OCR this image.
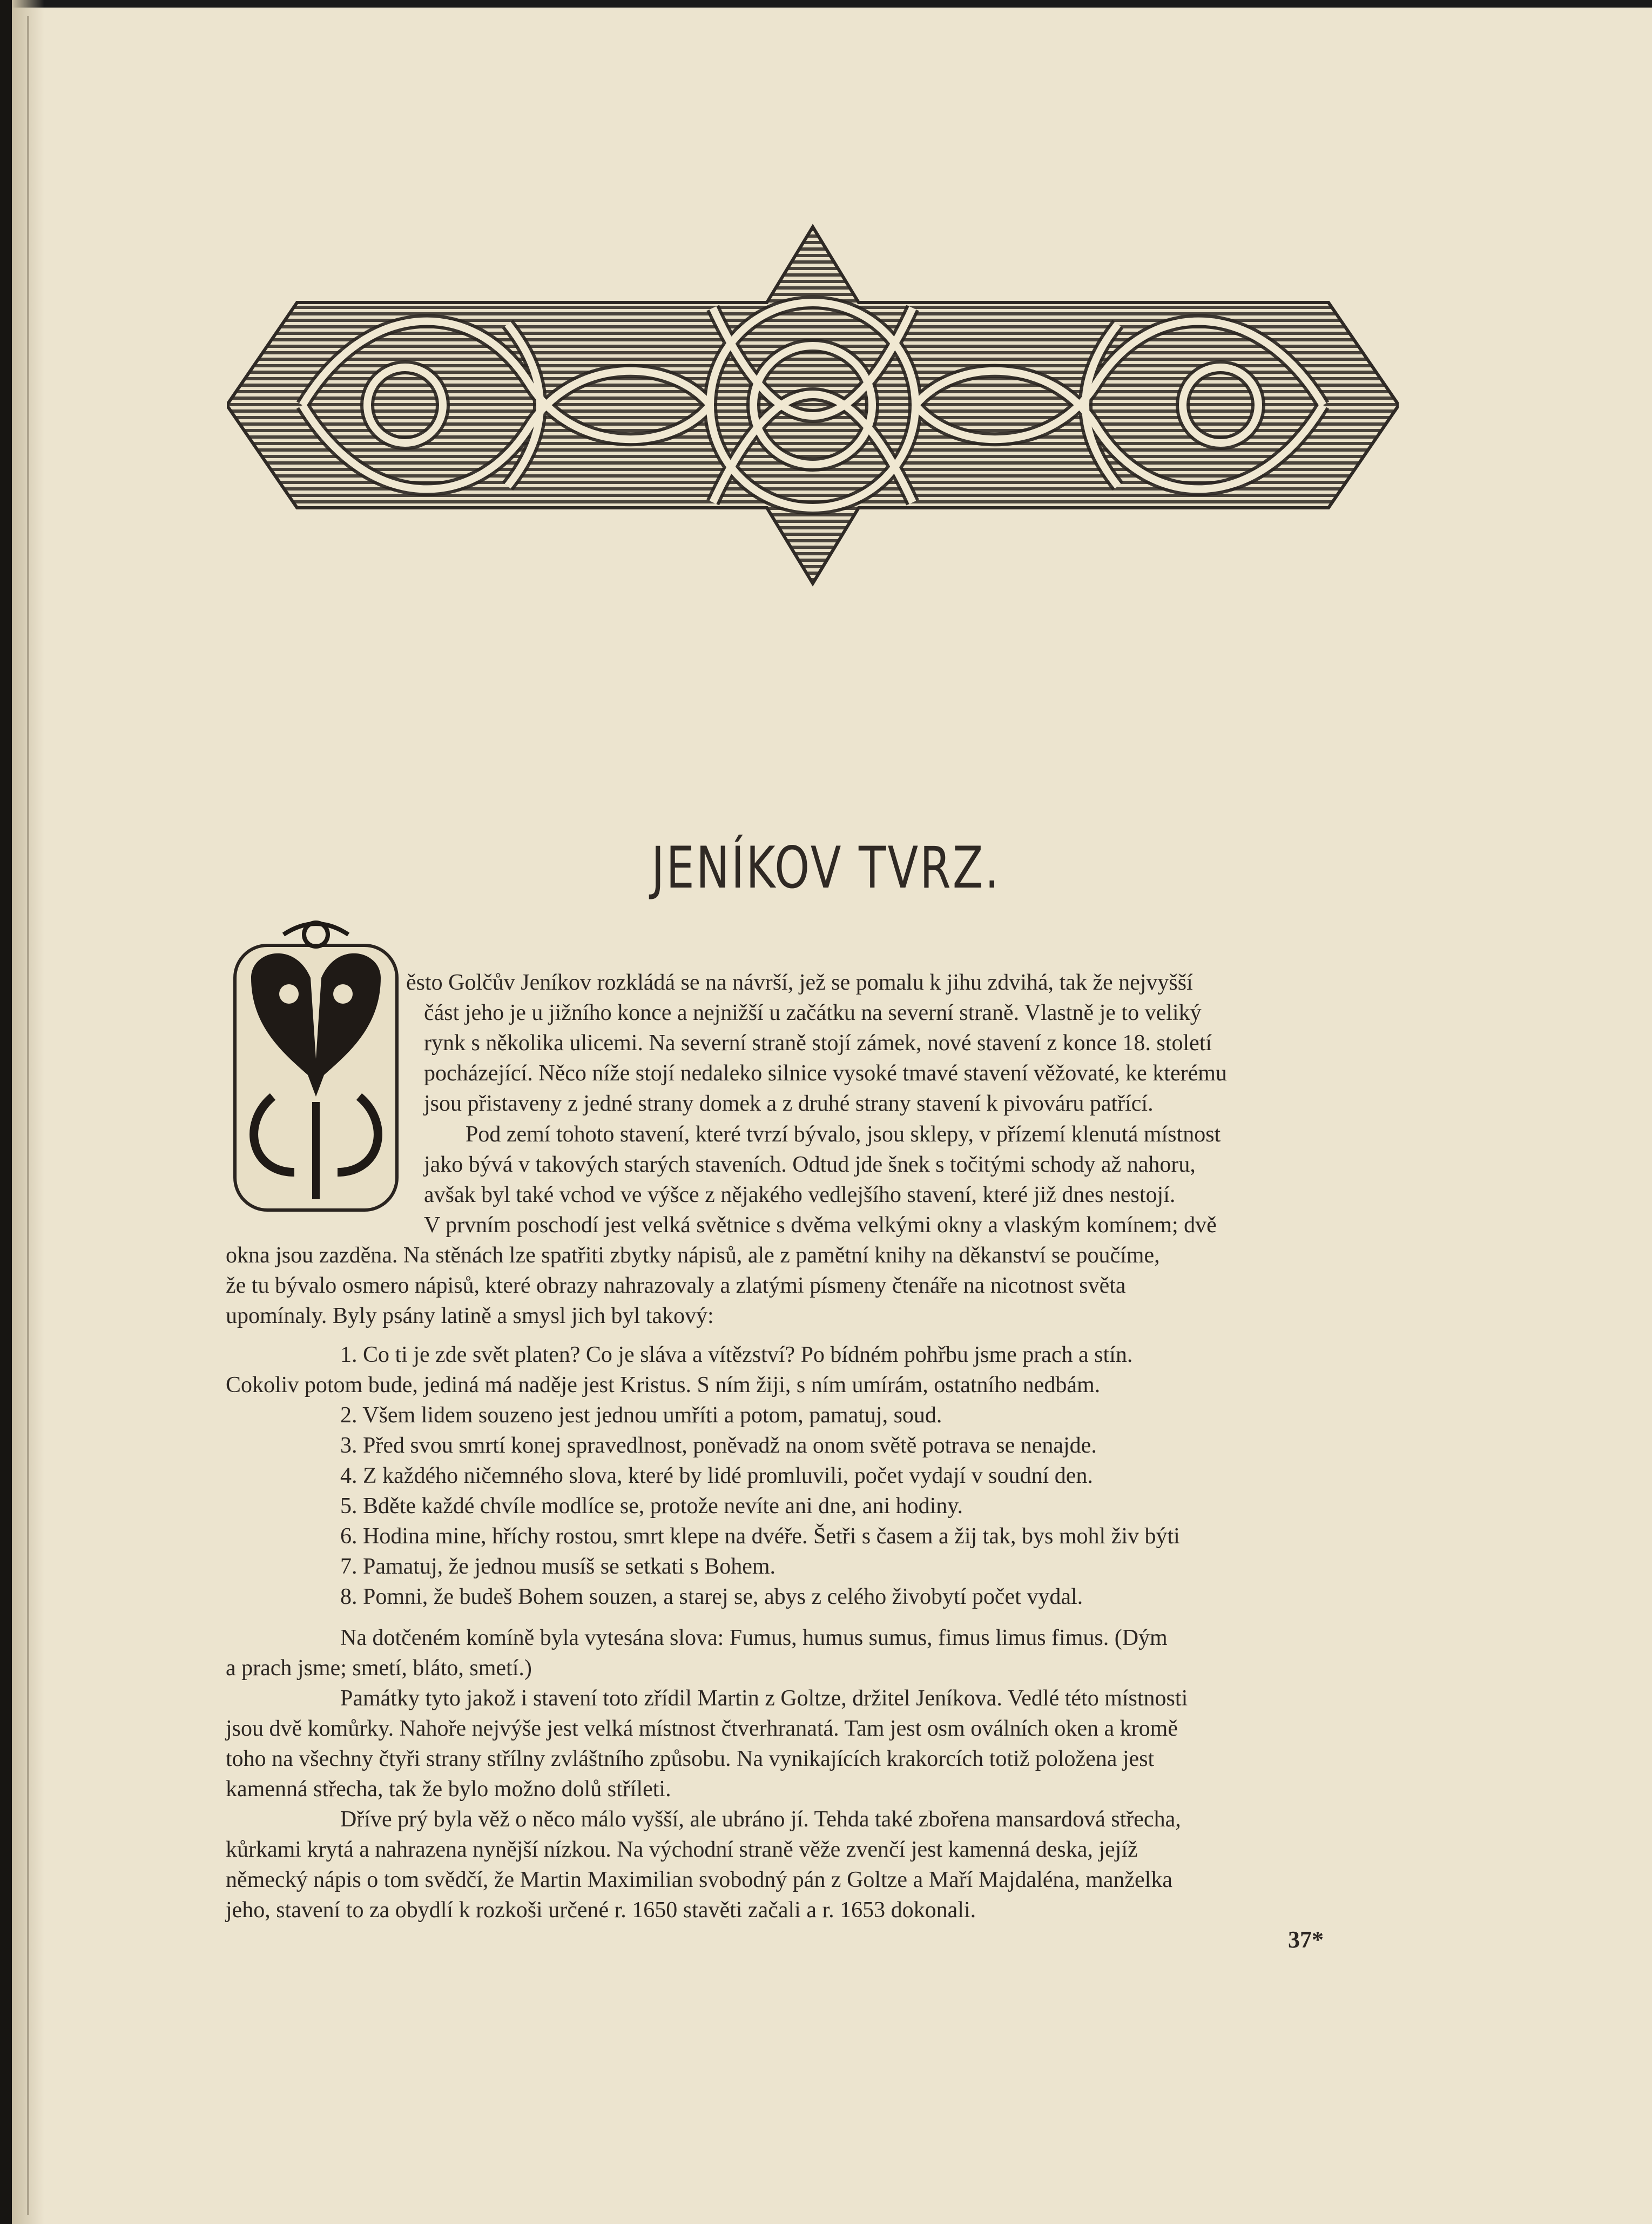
JENÍKOV TVRZ.
ěsto Golčův Jeníkov rozkládá se na návrší, jež se pomalu k jihu zdvihá, tak že nejvyšší
část jeho je u jižního konce a nejnižší u začátku na severní straně. Vlastně je to veliký
rynk s několika ulicemi. Na severní straně stojí zámek, nové stavení z konce 18. století
pocházející. Něco níže stojí nedaleko silnice vysoké tmavé stavení věžovaté, ke kterému
jsou přistaveny z jedné strany domek a z druhé strany stavení k pivováru patřící.
Pod zemí tohoto stavení, které tvrzí bývalo, jsou sklepy, v přízemí klenutá místnost
jako bývá v takových starých staveních. Odtud jde šnek s točitými schody až nahoru,
avšak byl také vchod ve výšce z nějakého vedlejšího stavení, které již dnes nestojí.
V prvním poschodí jest velká světnice s dvěma velkými okny a vlaským komínem; dvě
okna jsou zazděna. Na stěnách lze spatřiti zbytky nápisů, ale z pamětní knihy na děkanství se poučíme,
že tu bývalo osmero nápisů, které obrazy nahrazovaly a zlatými písmeny čtenáře na nicotnost světa
upomínaly. Byly psány latině a smysl jich byl takový:
1. Co ti je zde svět platen? Co je sláva a vítězství? Po bídném pohřbu jsme prach a stín.
Cokoliv potom bude, jediná má naděje jest Kristus. S ním žiji, s ním umírám, ostatního nedbám.
2. Všem lidem souzeno jest jednou umříti a potom, pamatuj, soud.
3. Před svou smrtí konej spravedlnost, poněvadž na onom světě potrava se nenajde.
4. Z každého ničemného slova, které by lidé promluvili, počet vydají v soudní den.
5. Bděte každé chvíle modlíce se, protože nevíte ani dne, ani hodiny.
6. Hodina mine, hříchy rostou, smrt klepe na dvéře. Šetři s časem a žij tak, bys mohl živ býti
7. Pamatuj, že jednou musíš se setkati s Bohem.
8. Pomni, že budeš Bohem souzen, a starej se, abys z celého živobytí počet vydal.
Na dotčeném komíně byla vytesána slova: Fumus, humus sumus, fimus limus fimus. (Dým
a prach jsme; smetí, bláto, smetí.)
Památky tyto jakož i stavení toto zřídil Martin z Goltze, držitel Jeníkova. Vedlé této místnosti
jsou dvě komůrky. Nahoře nejvýše jest velká místnost čtverhranatá. Tam jest osm oválních oken a kromě
toho na všechny čtyři strany střílny zvláštního způsobu. Na vynikajících krakorcích totiž položena jest
kamenná střecha, tak že bylo možno dolů stříleti.
Dříve prý byla věž o něco málo vyšší, ale ubráno jí. Tehda také zbořena mansardová střecha,
kůrkami krytá a nahrazena nynější nízkou. Na východní straně věže zvenčí jest kamenná deska, jejíž
německý nápis o tom svědčí, že Martin Maximilian svobodný pán z Goltze a Maří Majdaléna, manželka
jeho, stavení to za obydlí k rozkoši určené r. 1650 stavěti začali a r. 1653 dokonali.
37*
